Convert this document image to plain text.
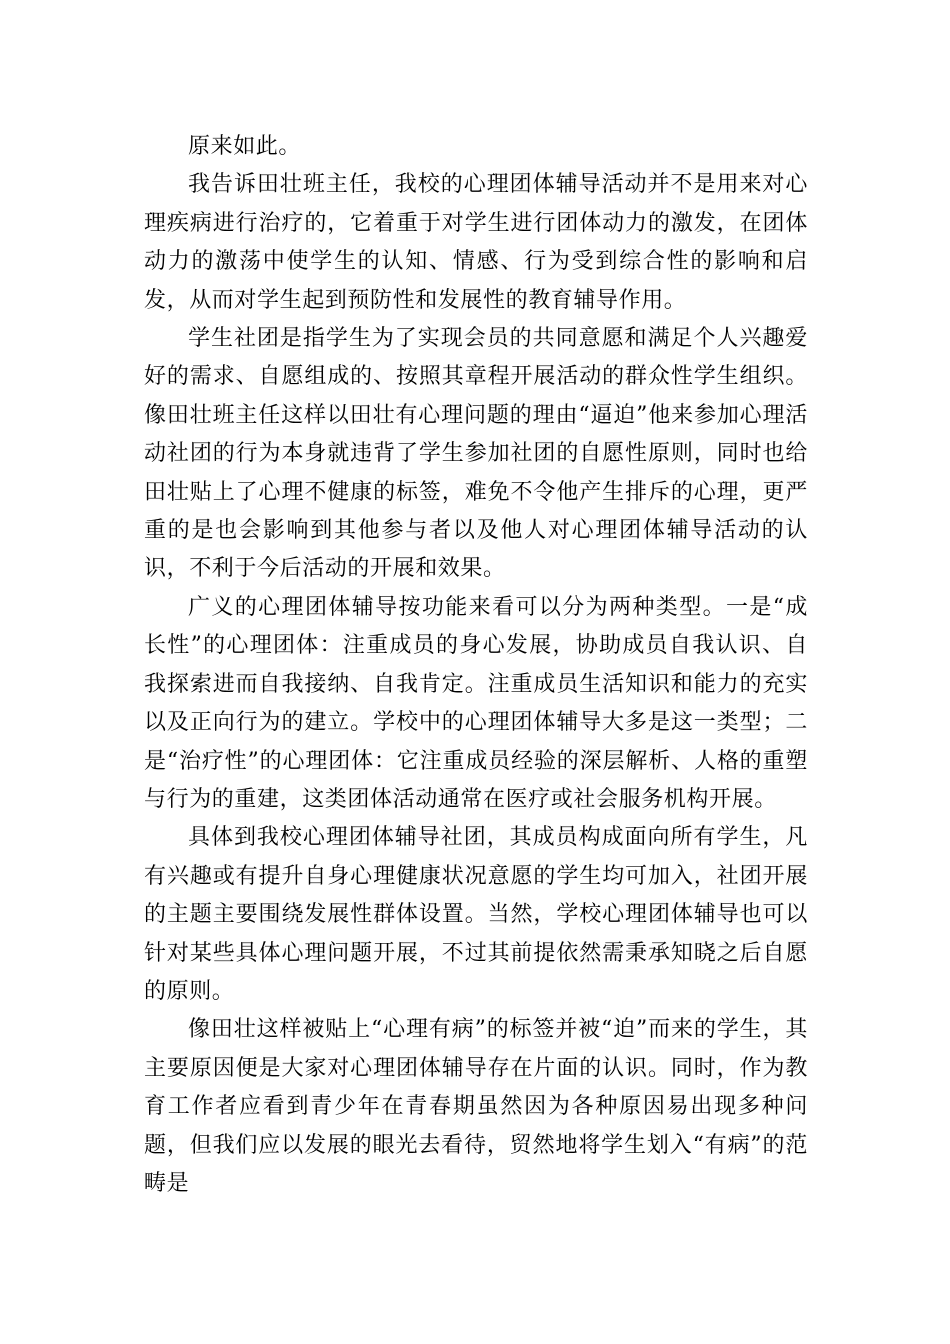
原来如此。

我告诉田壮班主任，我校的心理团体辅导活动并不是用来对心理疾病进行治疗的，它着重于对学生进行团体动力的激发，在团体动力的激荡中使学生的认知、情感、行为受到综合性的影响和启发，从而对学生起到预防性和发展性的教育辅导作用。

学生社团是指学生为了实现会员的共同意愿和满足个人兴趣爱好的需求、自愿组成的、按照其章程开展活动的群众性学生组织。像田壮班主任这样以田壮有心理问题的理由“逼迫”他来参加心理活动社团的行为本身就违背了学生参加社团的自愿性原则，同时也给田壮贴上了心理不健康的标签，难免不令他产生排斥的心理，更严重的是也会影响到其他参与者以及他人对心理团体辅导活动的认识，不利于今后活动的开展和效果。

广义的心理团体辅导按功能来看可以分为两种类型。一是“成长性”的心理团体：注重成员的身心发展，协助成员自我认识、自我探索进而自我接纳、自我肯定。注重成员生活知识和能力的充实以及正向行为的建立。学校中的心理团体辅导大多是这一类型；二是“治疗性”的心理团体：它注重成员经验的深层解析、人格的重塑与行为的重建，这类团体活动通常在医疗或社会服务机构开展。

具体到我校心理团体辅导社团，其成员构成面向所有学生，凡有兴趣或有提升自身心理健康状况意愿的学生均可加入，社团开展的主题主要围绕发展性群体设置。当然，学校心理团体辅导也可以针对某些具体心理问题开展，不过其前提依然需秉承知晓之后自愿的原则。

像田壮这样被贴上“心理有病”的标签并被“迫”而来的学生，其主要原因便是大家对心理团体辅导存在片面的认识。同时，作为教育工作者应看到青少年在青春期虽然因为各种原因易出现多种问题，但我们应以发展的眼光去看待，贸然地将学生划入“有病”的范畴是
